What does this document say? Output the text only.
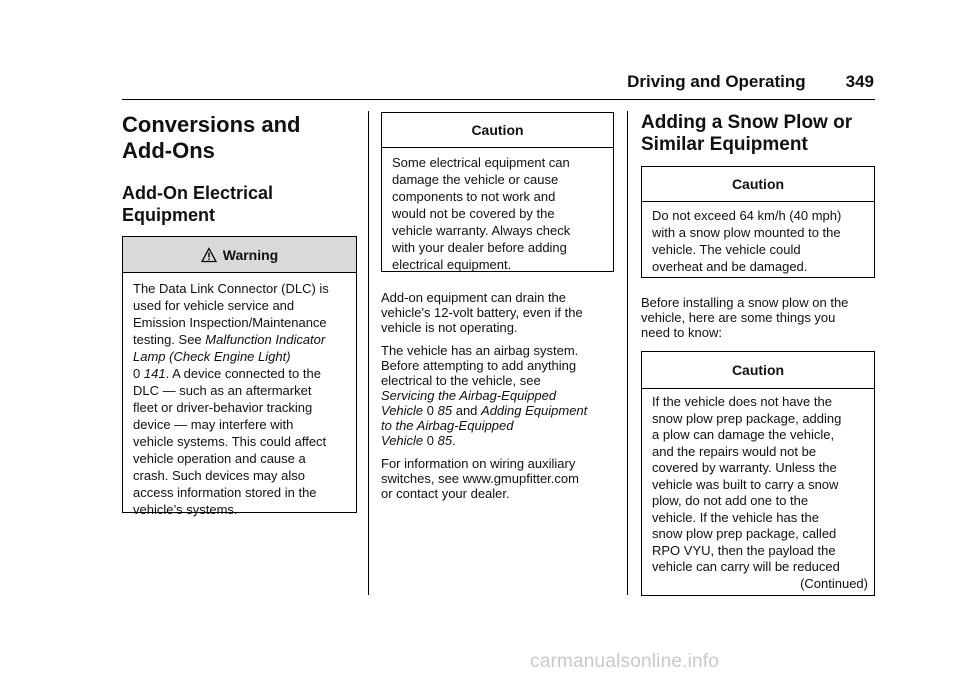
Driving and Operating 349
Conversions and
Add-Ons
Add-On Electrical
Equipment
Warning
The Data Link Connector (DLC) is
used for vehicle service and
Emission Inspection/Maintenance
testing. See Malfunction Indicator
Lamp (Check Engine Light)
0 141. A device connected to the
DLC — such as an aftermarket
fleet or driver-behavior tracking
device — may interfere with
vehicle systems. This could affect
vehicle operation and cause a
crash. Such devices may also
access information stored in the
vehicle’s systems.
Caution
Some electrical equipment can
damage the vehicle or cause
components to not work and
would not be covered by the
vehicle warranty. Always check
with your dealer before adding
electrical equipment.

Add-on equipment can drain the

vehicle's 12-volt battery, even if the

vehicle is not operating.

The vehicle has an airbag system.

Before attempting to add anything

electrical to the vehicle, see

Servicing the Airbag-Equipped

Vehicle 0 85 and Adding Equipment

to the Airbag-Equipped

Vehicle 0 85.

For information on wiring auxiliary

switches, see www.gmupfitter.com

or contact your dealer.

Adding a Snow Plow or
Similar Equipment
Caution
Do not exceed 64 km/h (40 mph)
with a snow plow mounted to the
vehicle. The vehicle could
overheat and be damaged.

Before installing a snow plow on the

vehicle, here are some things you

need to know:

Caution
If the vehicle does not have the
snow plow prep package, adding
a plow can damage the vehicle,
and the repairs would not be
covered by warranty. Unless the
vehicle was built to carry a snow
plow, do not add one to the
vehicle. If the vehicle has the
snow plow prep package, called
RPO VYU, then the payload the
vehicle can carry will be reduced
(Continued)
carmanualsonline.info
